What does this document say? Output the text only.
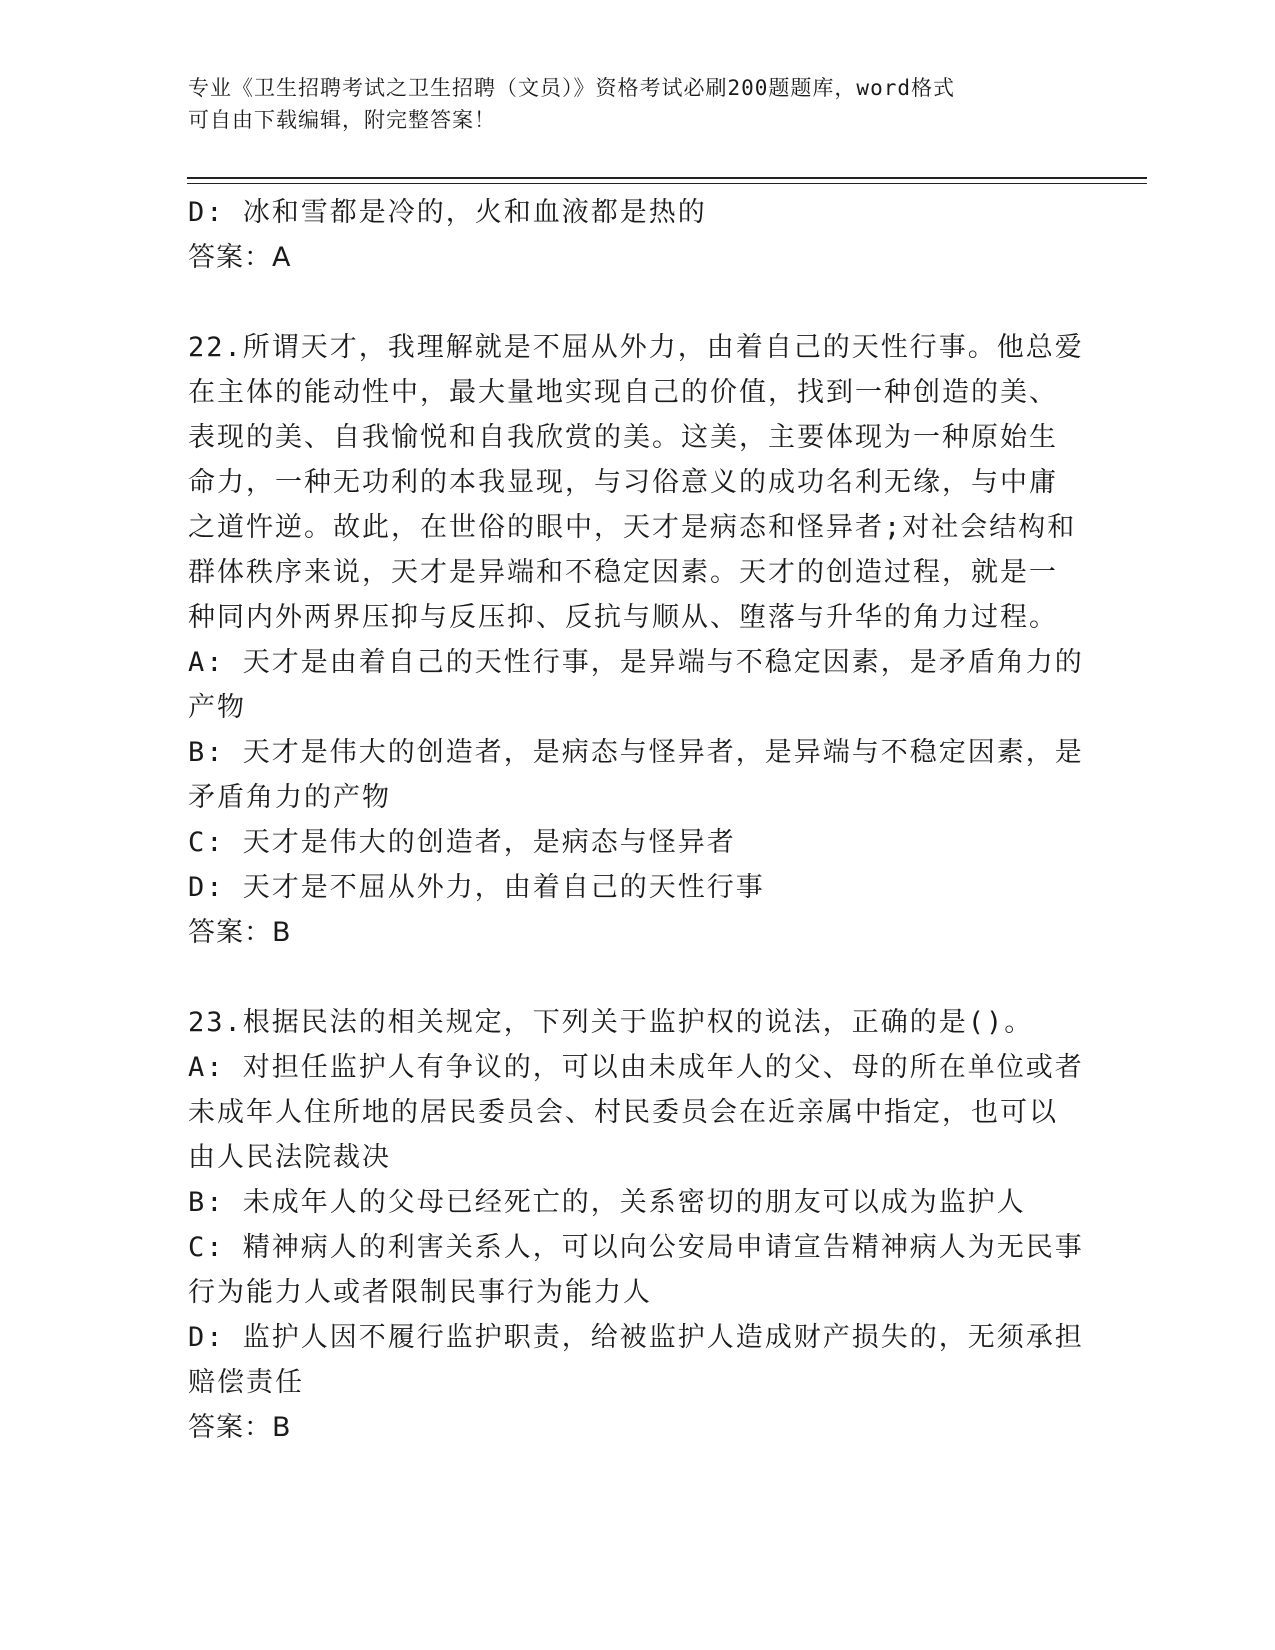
专业《卫生招聘考试之卫生招聘（文员）》资格考试必刷200题题库，word格式
可自由下载编辑，附完整答案！
D: 冰和雪都是冷的，火和血液都是热的
答案：A
22.所谓天才，我理解就是不屈从外力，由着自己的天性行事。他总爱
在主体的能动性中，最大量地实现自己的价值，找到一种创造的美、
表现的美、自我愉悦和自我欣赏的美。这美，主要体现为一种原始生
命力，一种无功利的本我显现，与习俗意义的成功名利无缘，与中庸
之道忤逆。故此，在世俗的眼中，天才是病态和怪异者;对社会结构和
群体秩序来说，天才是异端和不稳定因素。天才的创造过程，就是一
种同内外两界压抑与反压抑、反抗与顺从、堕落与升华的角力过程。
A: 天才是由着自己的天性行事，是异端与不稳定因素，是矛盾角力的
产物
B: 天才是伟大的创造者，是病态与怪异者，是异端与不稳定因素，是
矛盾角力的产物
C: 天才是伟大的创造者，是病态与怪异者
D: 天才是不屈从外力，由着自己的天性行事
答案：B
23.根据民法的相关规定，下列关于监护权的说法，正确的是()。
A: 对担任监护人有争议的，可以由未成年人的父、母的所在单位或者
未成年人住所地的居民委员会、村民委员会在近亲属中指定，也可以
由人民法院裁决
B: 未成年人的父母已经死亡的，关系密切的朋友可以成为监护人
C: 精神病人的利害关系人，可以向公安局申请宣告精神病人为无民事
行为能力人或者限制民事行为能力人
D: 监护人因不履行监护职责，给被监护人造成财产损失的，无须承担
赔偿责任
答案：B
